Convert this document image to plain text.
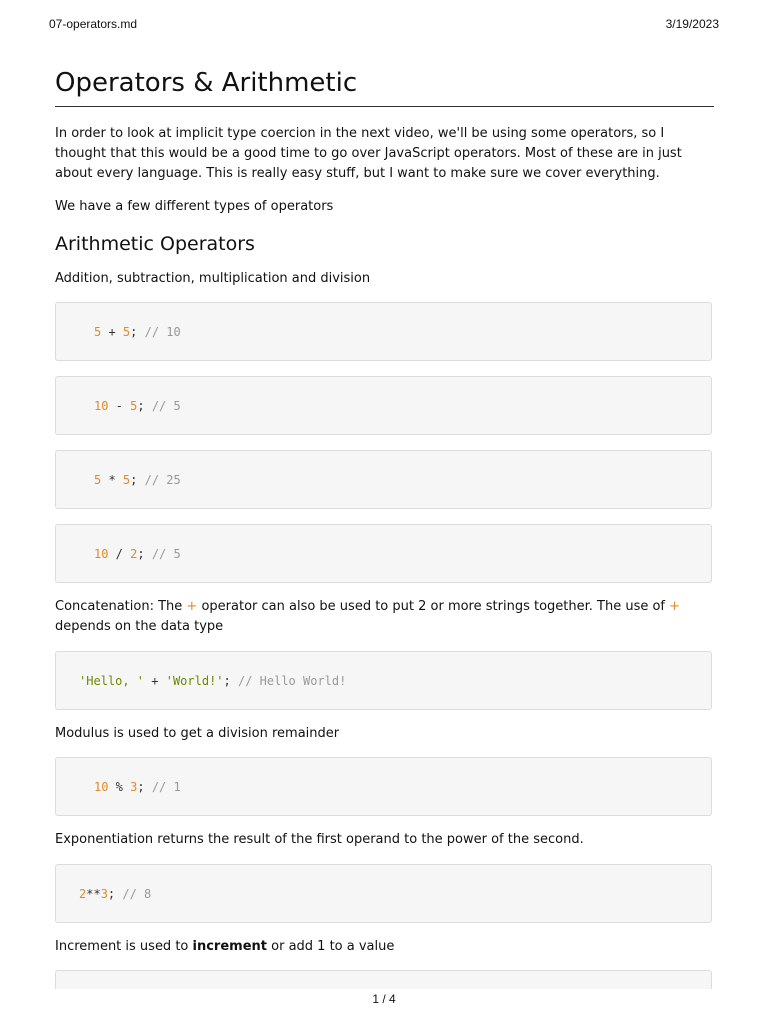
07-operators.md	3/19/2023
Operators & Arithmetic

In order to look at implicit type coercion in the next video, we'll be using some operators, so I thought that this would be a good time to go over JavaScript operators. Most of these are in just about every language. This is really easy stuff, but I want to make sure we cover everything.

We have a few different types of operators

Arithmetic Operators

Addition, subtraction, multiplication and division

5 + 5; // 10

10 - 5; // 5

5 * 5; // 25

10 / 2; // 5

Concatenation: The + operator can also be used to put 2 or more strings together. The use of + depends on the data type

'Hello, ' + 'World!'; // Hello World!

Modulus is used to get a division remainder

10 % 3; // 1

Exponentiation returns the result of the first operand to the power of the second.

2**3; // 8

Increment is used to increment or add 1 to a value

1 / 4
